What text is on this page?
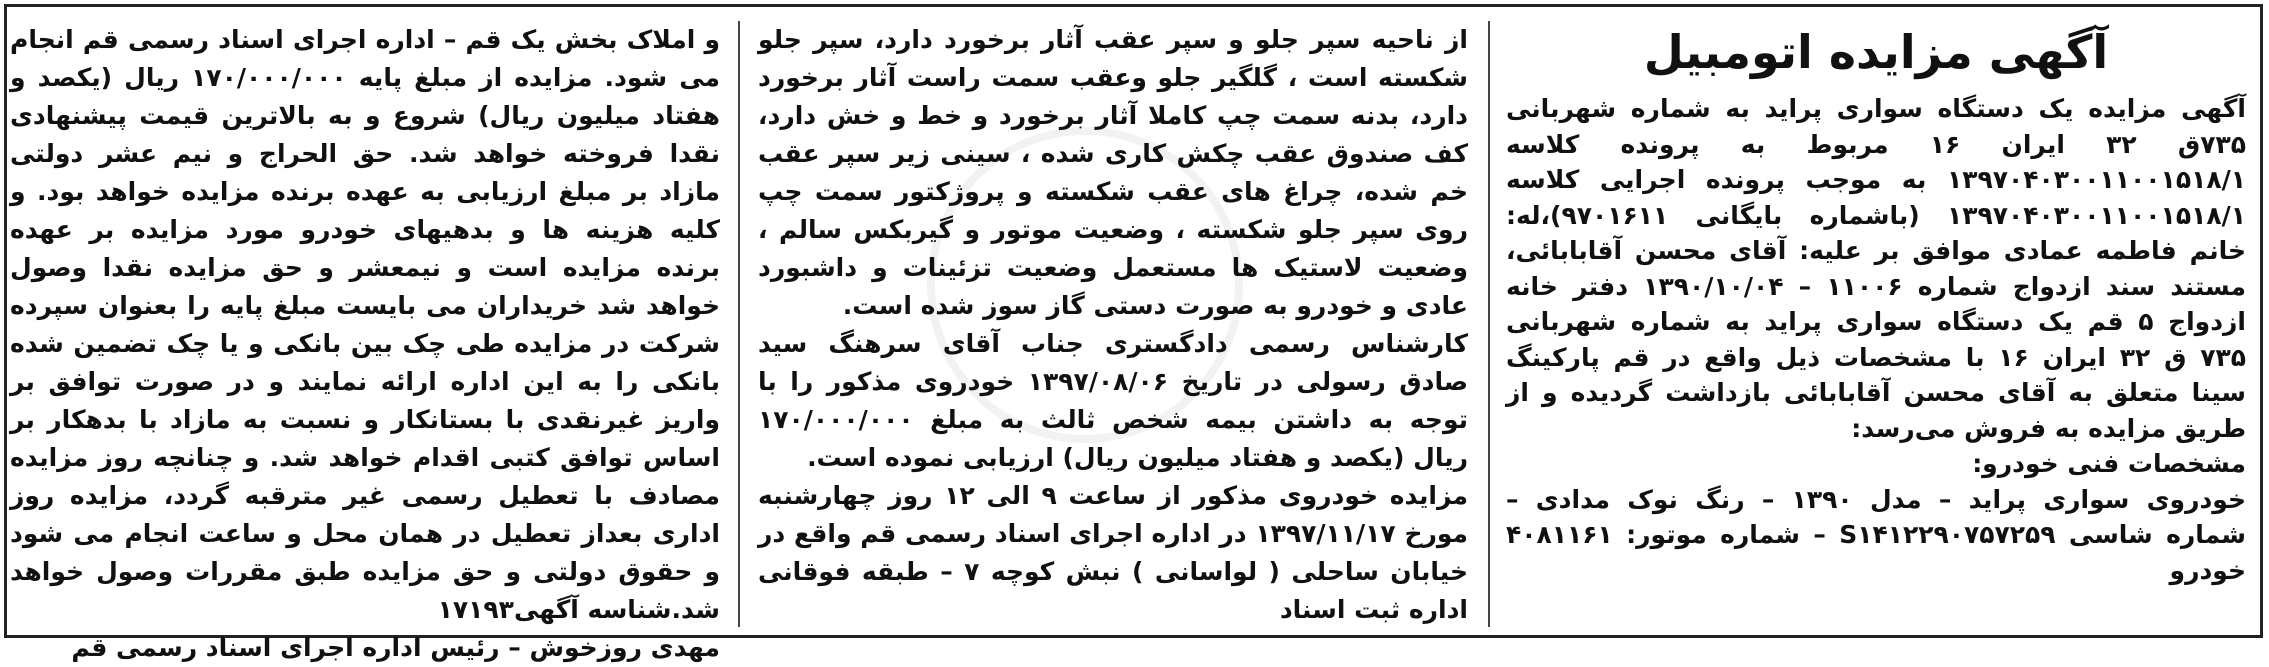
آگهی مزایده اتومبیل

آگهی مزایده یک دستگاه سواری پراید به شماره شهربانی ۷۳۵ق ۳۲ ایران ۱۶ مربوط به پرونده کلاسه ۱۳۹۷۰۴۰۳۰۰۱۱۰۰۱۵۱۸/۱ به موجب پرونده اجرایی کلاسه ۱۳۹۷۰۴۰۳۰۰۱۱۰۰۱۵۱۸/۱ (باشماره بایگانی ۹۷۰۱۶۱۱)،له: خانم فاطمه عمادی موافق بر علیه: آقای محسن آقابابائی، مستند سند ازدواج شماره ۱۱۰۰۶ – ۱۳۹۰/۱۰/۰۴ دفتر خانه ازدواج ۵ قم یک دستگاه سواری پراید به شماره شهربانی ۷۳۵ ق ۳۲ ایران ۱۶ با مشخصات ذیل واقع در قم پارکینگ سینا متعلق به آقای محسن آقابابائی بازداشت گردیده و از طریق مزایده به فروش می‌رسد:

مشخصات فنی خودرو:

خودروی سواری پراید – مدل ۱۳۹۰ – رنگ نوک مدادی – شماره شاسی S۱۴۱۲۲۹۰۷۵۷۲۵۹ – شماره موتور: ۴۰۸۱۱۶۱ خودرو

از ناحیه سپر جلو و سپر عقب آثار برخورد دارد، سپر جلو شکسته است ، گلگیر جلو وعقب سمت راست آثار برخورد دارد، بدنه سمت چپ کاملا آثار برخورد و خط و خش دارد، کف صندوق عقب چکش کاری شده ، سینی زیر سپر عقب خم شده، چراغ های عقب شکسته و پروژکتور سمت چپ روی سپر جلو شکسته ، وضعیت موتور و گیربکس سالم ، وضعیت لاستیک ها مستعمل وضعیت تزئینات و داشبورد عادی و خودرو به صورت دستی گاز سوز شده است.

کارشناس رسمی دادگستری جناب آقای سرهنگ سید صادق رسولی در تاریخ ۱۳۹۷/۰۸/۰۶ خودروی مذکور را با توجه به داشتن بیمه شخص ثالث به مبلغ ۱۷۰/۰۰۰/۰۰۰ ریال (یکصد و هفتاد میلیون ریال) ارزیابی نموده است.

مزایده خودروی مذکور از ساعت ۹ الی ۱۲ روز چهارشنبه مورخ ۱۳۹۷/۱۱/۱۷ در اداره اجرای اسناد رسمی قم واقع در خیابان ساحلی ( لواسانی ) نبش کوچه ۷ – طبقه فوقانی اداره ثبت اسناد

و املاک بخش یک قم – اداره اجرای اسناد رسمی قم انجام می شود. مزایده از مبلغ پایه ۱۷۰/۰۰۰/۰۰۰ ریال (یکصد و هفتاد میلیون ریال) شروع و به بالاترین قیمت پیشنهادی نقدا فروخته خواهد شد. حق الحراج و نیم عشر دولتی مازاد بر مبلغ ارزیابی به عهده برنده مزایده خواهد بود. و کلیه هزینه ها و بدهیهای خودرو مورد مزایده بر عهده برنده مزایده است و نیمعشر و حق مزایده نقدا وصول خواهد شد خریداران می بایست مبلغ پایه را بعنوان سپرده شرکت در مزایده طی چک بین بانکی و یا چک تضمین شده بانکی را به این اداره ارائه نمایند و در صورت توافق بر واریز غیرنقدی با بستانکار و نسبت به مازاد با بدهکار بر اساس توافق کتبی اقدام خواهد شد. و چنانچه روز مزایده مصادف با تعطیل رسمی غیر مترقبه گردد، مزایده روز اداری بعداز تعطیل در همان محل و ساعت انجام می شود و حقوق دولتی و حق مزایده طبق مقررات وصول خواهد شد.شناسه آگهی۱۷۱۹۳

مهدی روزخوش – رئیس اداره اجرای اسناد رسمی قم
